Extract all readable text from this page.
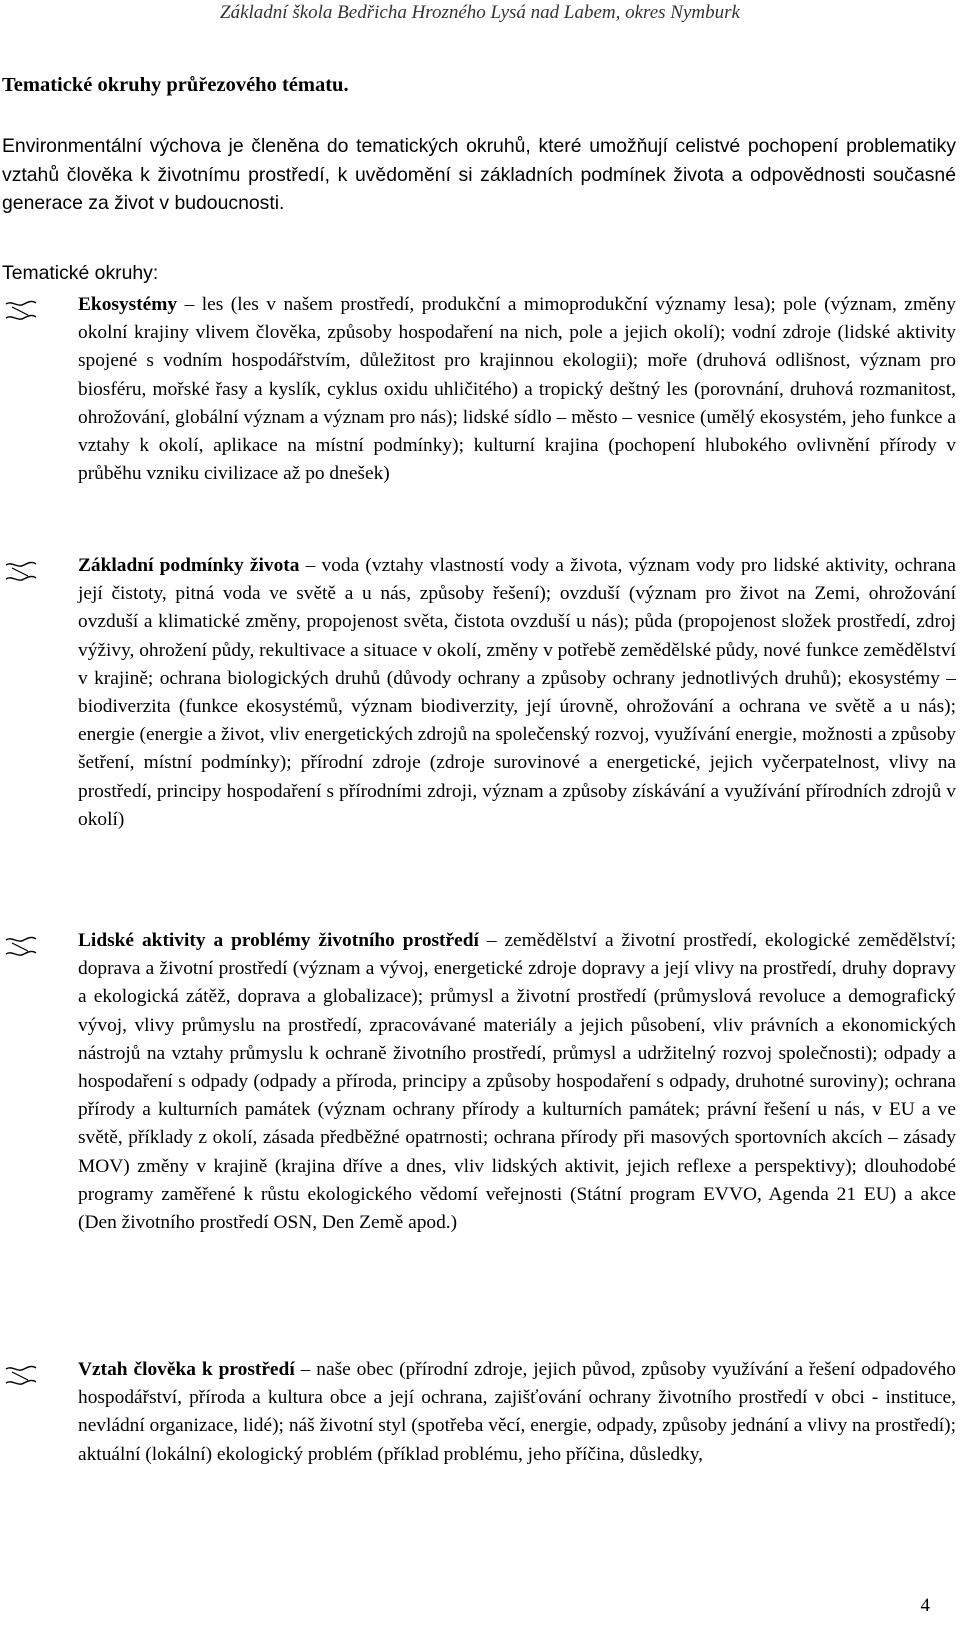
Základní škola Bedřicha Hrozného Lysá nad Labem, okres Nymburk
Tematické okruhy průřezového tématu.
Environmentální výchova je členěna do tematických okruhů, které umožňují celistvé pochopení problematiky vztahů člověka k životnímu prostředí, k uvědomění si základních podmínek života a odpovědnosti současné generace za život v budoucnosti.
Tematické okruhy:
Ekosystémy – les (les v našem prostředí, produkční a mimoprodukční významy lesa); pole (význam, změny okolní krajiny vlivem člověka, způsoby hospodaření na nich, pole a jejich okolí); vodní zdroje (lidské aktivity spojené s vodním hospodářstvím, důležitost pro krajinnou ekologii); moře (druhová odlišnost, význam pro biosféru, mořské řasy a kyslík, cyklus oxidu uhličitého) a tropický deštný les (porovnání, druhová rozmanitost, ohrožování, globální význam a význam pro nás); lidské sídlo – město – vesnice (umělý ekosystém, jeho funkce a vztahy k okolí, aplikace na místní podmínky); kulturní krajina (pochopení hlubokého ovlivnění přírody v průběhu vzniku civilizace až po dnešek)
Základní podmínky života – voda (vztahy vlastností vody a života, význam vody pro lidské aktivity, ochrana její čistoty, pitná voda ve světě a u nás, způsoby řešení); ovzduší (význam pro život na Zemi, ohrožování ovzduší a klimatické změny, propojenost světa, čistota ovzduší u nás); půda (propojenost složek prostředí, zdroj výživy, ohrožení půdy, rekultivace a situace v okolí, změny v potřebě zemědělské půdy, nové funkce zemědělství v krajině; ochrana biologických druhů (důvody ochrany a způsoby ochrany jednotlivých druhů); ekosystémy – biodiverzita (funkce ekosystémů, význam biodiverzity, její úrovně, ohrožování a ochrana ve světě a u nás); energie (energie a život, vliv energetických zdrojů na společenský rozvoj, využívání energie, možnosti a způsoby šetření, místní podmínky); přírodní zdroje (zdroje surovinové a energetické, jejich vyčerpatelnost, vlivy na prostředí, principy hospodaření s přírodními zdroji, význam a způsoby získávání a využívání přírodních zdrojů v okolí)
Lidské aktivity a problémy životního prostředí – zemědělství a životní prostředí, ekologické zemědělství; doprava a životní prostředí (význam a vývoj, energetické zdroje dopravy a její vlivy na prostředí, druhy dopravy a ekologická zátěž, doprava a globalizace); průmysl a životní prostředí (průmyslová revoluce a demografický vývoj, vlivy průmyslu na prostředí, zpracovávané materiály a jejich působení, vliv právních a ekonomických nástrojů na vztahy průmyslu k ochraně životního prostředí, průmysl a udržitelný rozvoj společnosti); odpady a hospodaření s odpady (odpady a příroda, principy a způsoby hospodaření s odpady, druhotné suroviny); ochrana přírody a kulturních památek (význam ochrany přírody a kulturních památek; právní řešení u nás, v EU a ve světě, příklady z okolí, zásada předběžné opatrnosti; ochrana přírody při masových sportovních akcích – zásady MOV) změny v krajině (krajina dříve a dnes, vliv lidských aktivit, jejich reflexe a perspektivy); dlouhodobé programy zaměřené k růstu ekologického vědomí veřejnosti (Státní program EVVO, Agenda 21 EU) a akce (Den životního prostředí OSN, Den Země apod.)
Vztah člověka k prostředí – naše obec (přírodní zdroje, jejich původ, způsoby využívání a řešení odpadového hospodářství, příroda a kultura obce a její ochrana, zajišťování ochrany životního prostředí v obci - instituce, nevládní organizace, lidé); náš životní styl (spotřeba věcí, energie, odpady, způsoby jednání a vlivy na prostředí); aktuální (lokální) ekologický problém (příklad problému, jeho příčina, důsledky,
4
